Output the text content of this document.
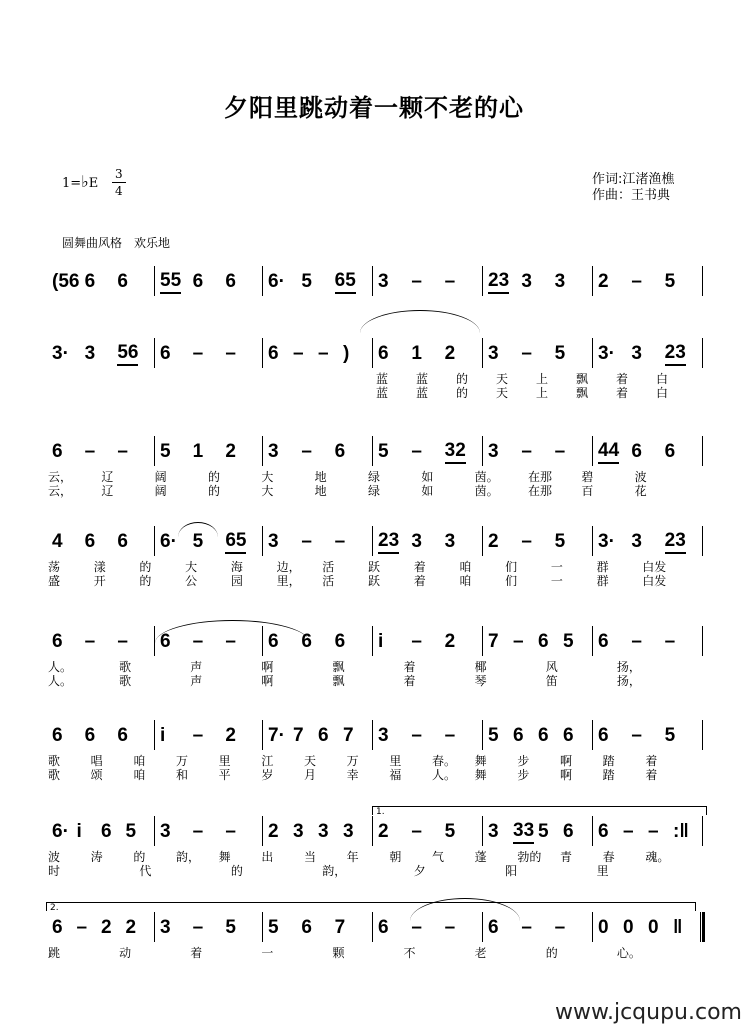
夕阳里跳动着一颗不老的心
1=♭E $\frac{3}{4}$	作词:江渚渔樵
作曲：王书典
圆舞曲风格 欢乐地
(56 6 6 55 6 6 6· 5 65 3 – – 23 3 3 2 – 5
3· 3 56 6 – – 6 – – ) 6 1 2 3 – 5 3· 3 23
蓝 蓝 的 天 上 飘 着 白
蓝 蓝 的 天 上 飘 着 白
6 – – 5 1 2 3 – 6 5 – 32 3 – – 44 6 6
云， 辽	阔	的	大	地	绿	如	茵。 在那 碧	波
云， 辽	阔	的	大	地	绿	如	茵。 在那 百	花
4 6 6 6· 5 65 3 – – 23 3 3 2 – 5 3· 3 23
荡	漾	的	大	海	边， 活	跃	着	咱	们	一	群	白发
盛	开	的	公	园	里， 活	跃	着	咱	们	一	群	白发
6 – – 6 – – 6 6 6 i – 2 7 – 6 5 6 – –
人。	歌	声	啊	飘	着	椰	风	扬，
人。	歌	声	啊	飘	着	琴	笛	扬，
6 6 6 i – 2 7· 7 6 7 3 – – 5 6 6 6 6 – 5
歌	唱	咱	万	里	江	天	万	里	春。 舞	步	啊	踏	着
歌	颂	咱	和	平	岁	月	幸	福	人。 舞	步	啊	踏	着
6· i 6 5 3 – – 2 3 3 3 2 – 5 3 33 5 6 6 – – :‖
波	涛	的	韵， 舞	出	当	年	朝	气	蓬	勃的 青	春	魂。
时	代	的	韵，	夕	阳	里
1.
6 – 2 2 3 – 5 5 6 7 6 – – 6 – – 0 0 0 ‖
跳	动	着	一	颗	不	老	的	心。
2.
www.jcqupu.com
